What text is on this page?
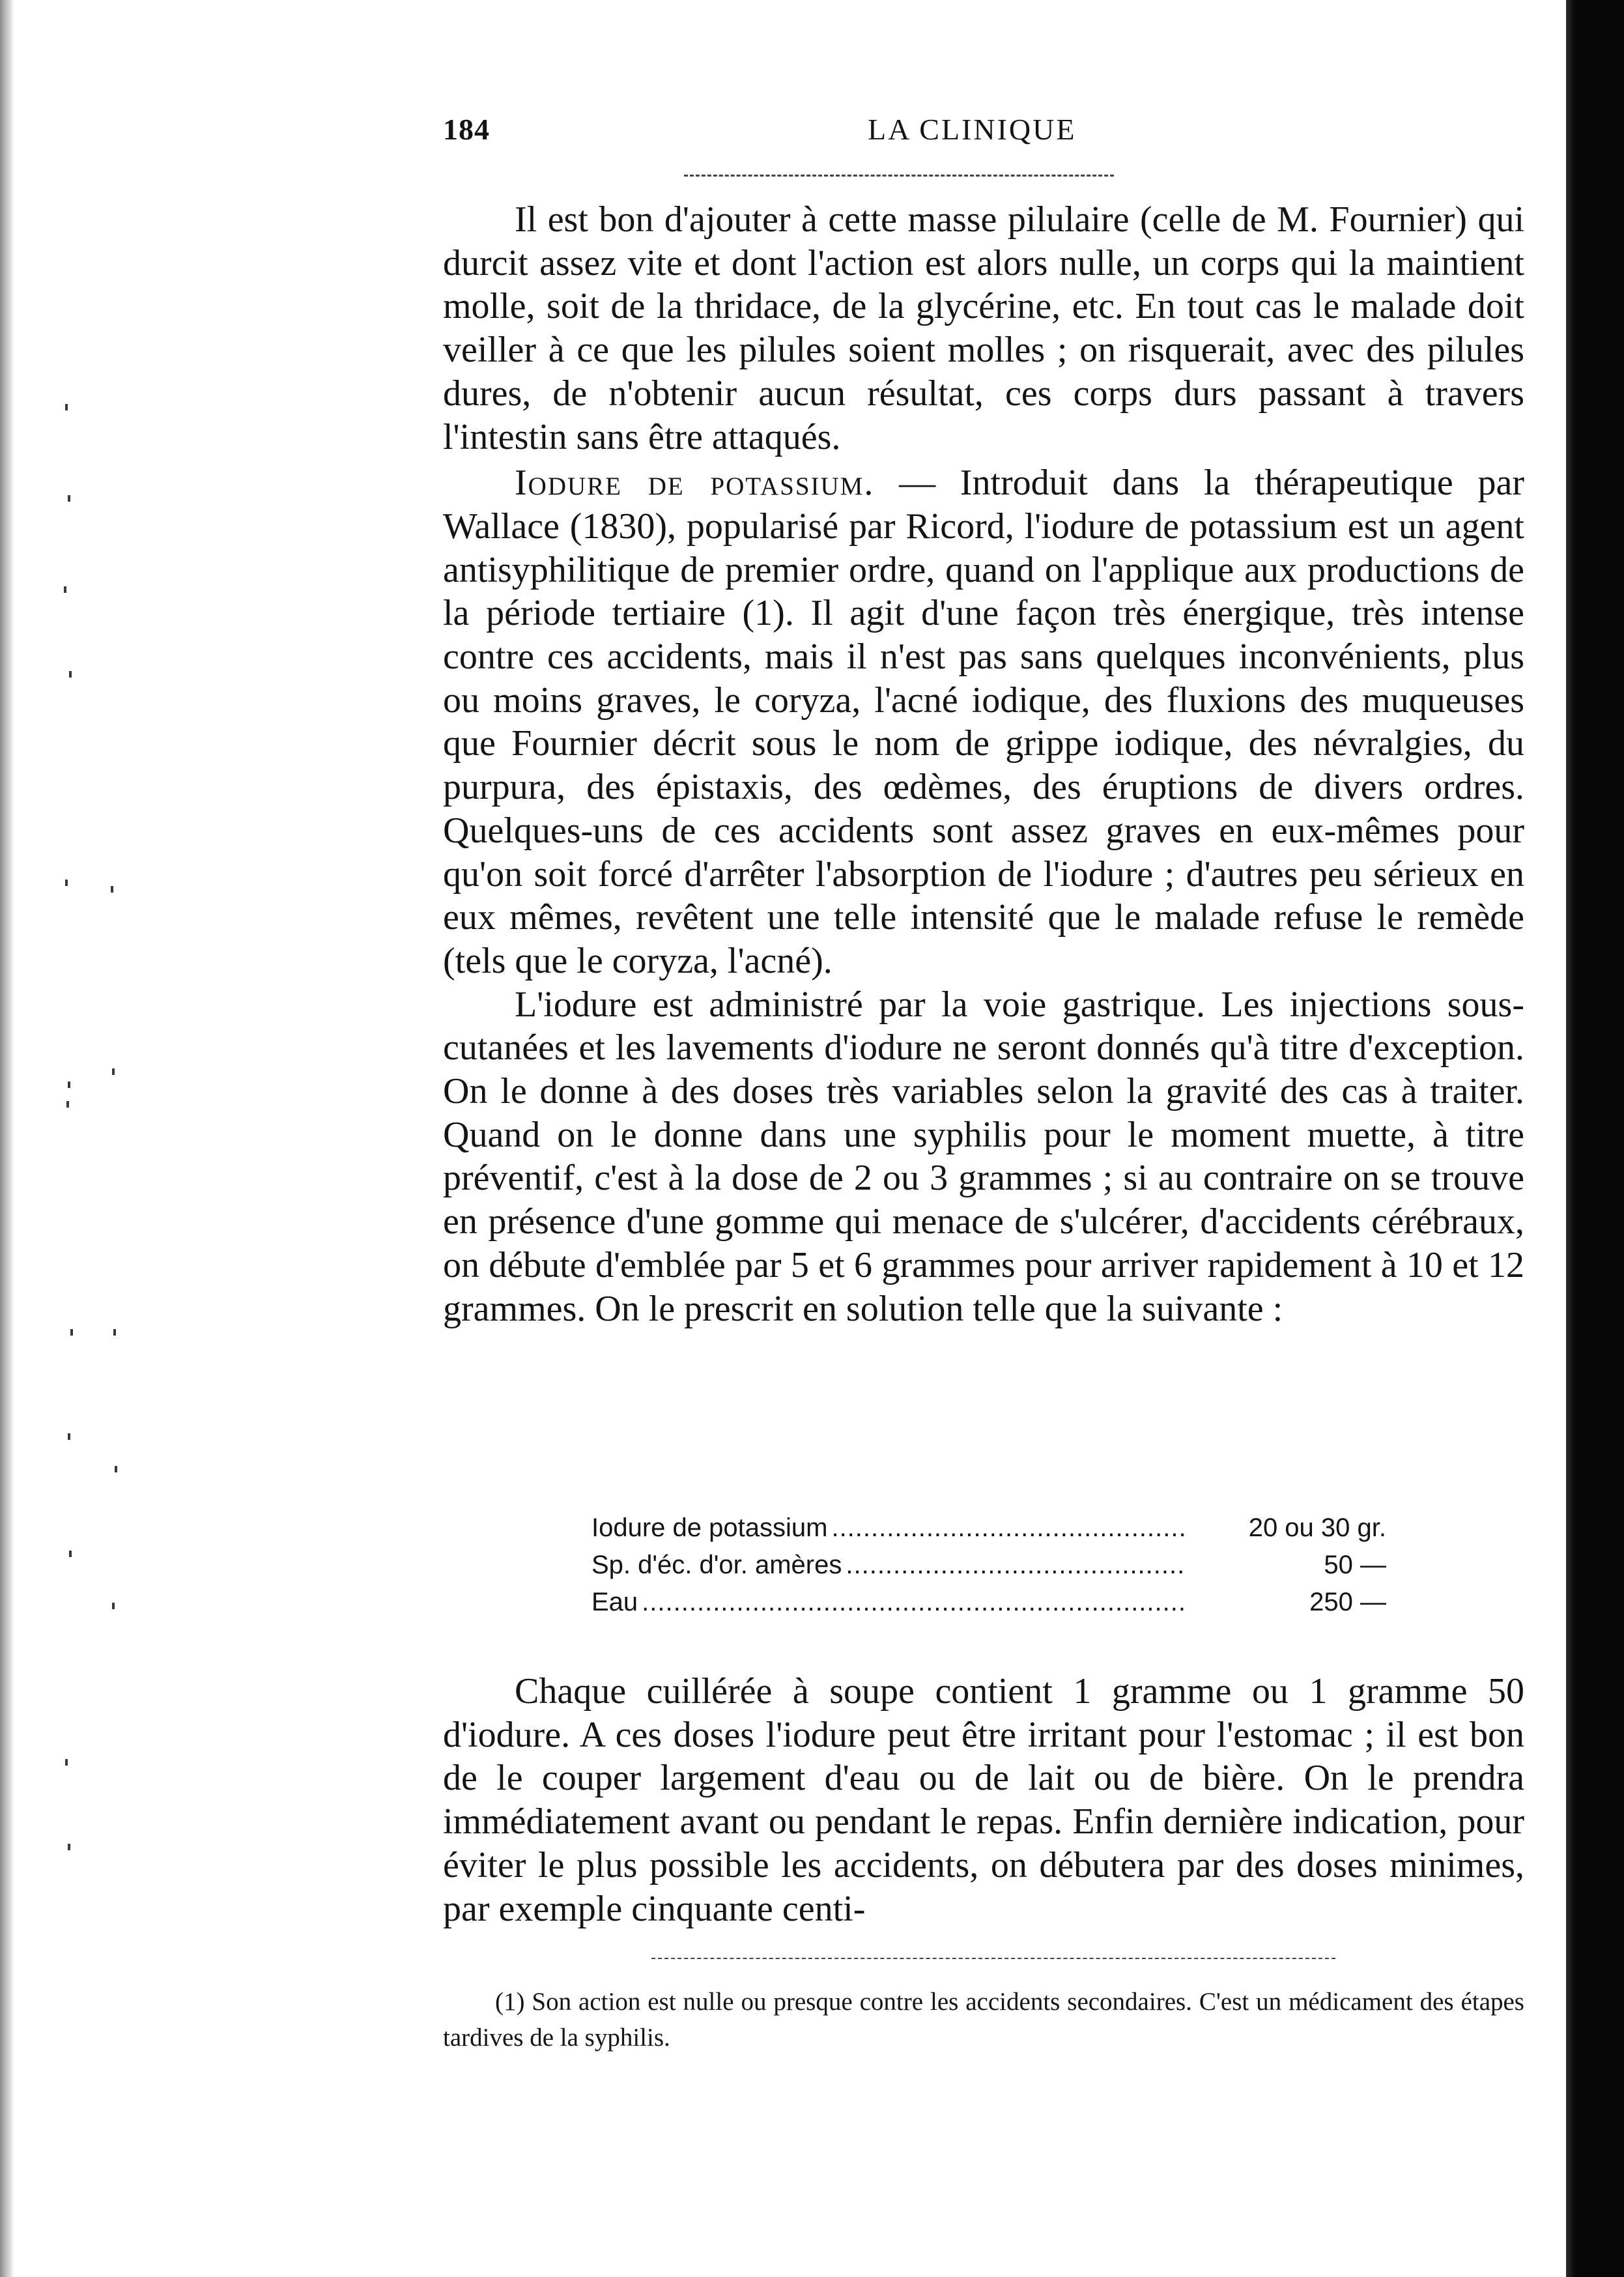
184	LA CLINIQUE

Il est bon d'ajouter à cette masse pilulaire (celle de M. Fournier) qui durcit assez vite et dont l'action est alors nulle, un corps qui la maintient molle, soit de la thridace, de la glycérine, etc. En tout cas le malade doit veiller à ce que les pilules soient molles ; on risquerait, avec des pilules dures, de n'obtenir aucun résultat, ces corps durs passant à travers l'intestin sans être attaqués.

Iodure de potassium. — Introduit dans la thérapeutique par Wallace (1830), popularisé par Ricord, l'iodure de potassium est un agent antisyphilitique de premier ordre, quand on l'applique aux productions de la période tertiaire (1). Il agit d'une façon très énergique, très intense contre ces accidents, mais il n'est pas sans quelques inconvénients, plus ou moins graves, le coryza, l'acné iodique, des fluxions des muqueuses que Fournier décrit sous le nom de grippe iodique, des névralgies, du purpura, des épistaxis, des œdèmes, des éruptions de divers ordres. Quelques-uns de ces accidents sont assez graves en eux-mêmes pour qu'on soit forcé d'arrêter l'absorption de l'iodure ; d'autres peu sérieux en eux mêmes, revêtent une telle intensité que le malade refuse le remède (tels que le coryza, l'acné).

L'iodure est administré par la voie gastrique. Les injections sous-cutanées et les lavements d'iodure ne seront donnés qu'à titre d'exception. On le donne à des doses très variables selon la gravité des cas à traiter. Quand on le donne dans une syphilis pour le moment muette, à titre préventif, c'est à la dose de 2 ou 3 grammes ; si au contraire on se trouve en présence d'une gomme qui menace de s'ulcérer, d'accidents cérébraux, on débute d'emblée par 5 et 6 grammes pour arriver rapidement à 10 et 12 grammes. On le prescrit en solution telle que la suivante :

Iodure de potassium .....	20 ou 30 gr.
Sp. d'éc. d'or. amères .....	50 —
Eau .....	250 —

Chaque cuillérée à soupe contient 1 gramme ou 1 gramme 50 d'iodure. A ces doses l'iodure peut être irritant pour l'estomac ; il est bon de le couper largement d'eau ou de lait ou de bière. On le prendra immédiatement avant ou pendant le repas. Enfin dernière indication, pour éviter le plus possible les accidents, on débutera par des doses minimes, par exemple cinquante centi-

(1) Son action est nulle ou presque contre les accidents secondaires. C'est un médicament des étapes tardives de la syphilis.
